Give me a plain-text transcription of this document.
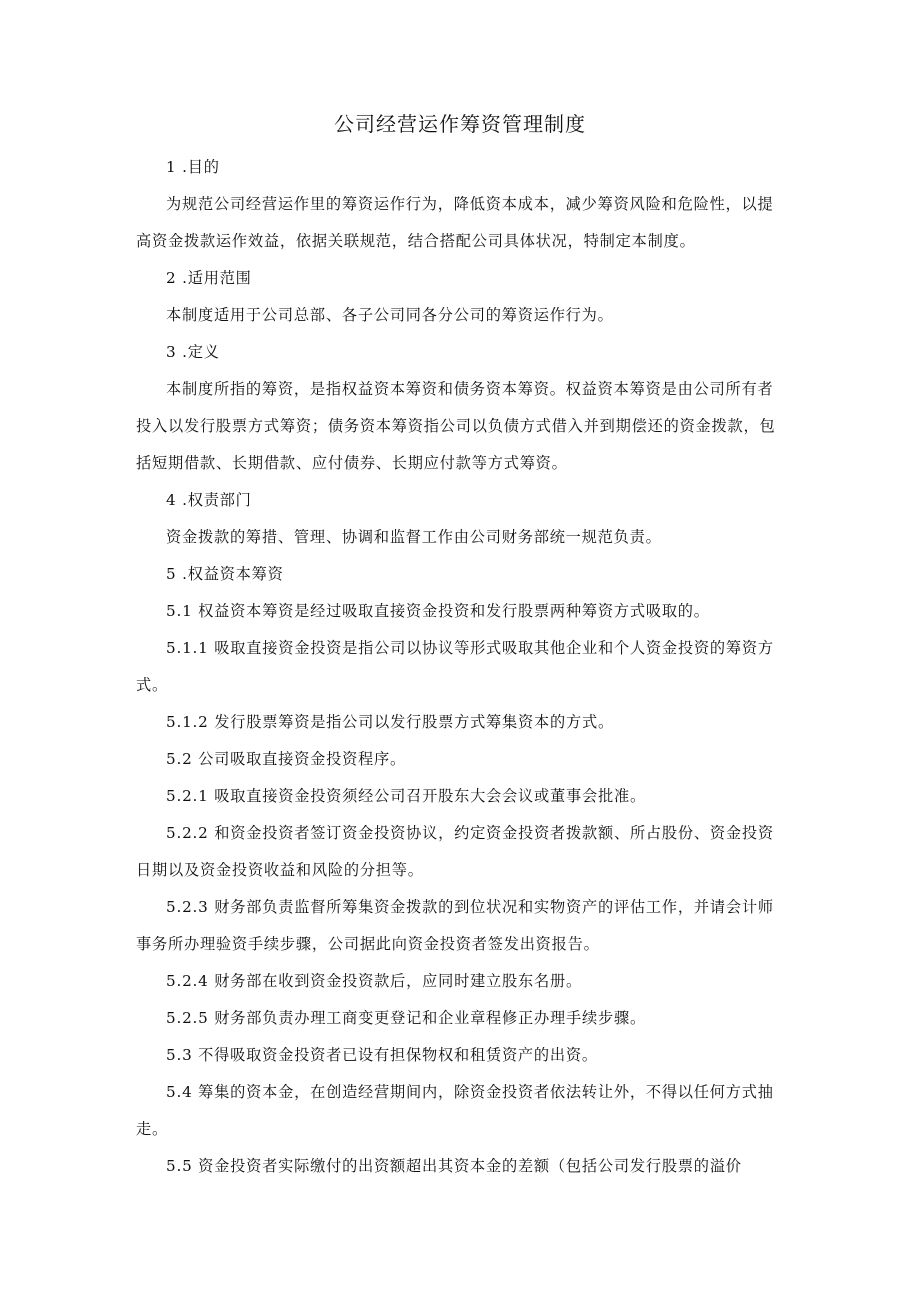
公司经营运作筹资管理制度

1 .目的

为规范公司经营运作里的筹资运作行为，降低资本成本，减少筹资风险和危险性，以提高资金拨款运作效益，依据关联规范，结合搭配公司具体状况，特制定本制度。

2 .适用范围

本制度适用于公司总部、各子公司同各分公司的筹资运作行为。

3 .定义

本制度所指的筹资，是指权益资本筹资和债务资本筹资。权益资本筹资是由公司所有者投入以发行股票方式筹资；债务资本筹资指公司以负债方式借入并到期偿还的资金拨款，包括短期借款、长期借款、应付债券、长期应付款等方式筹资。

4 .权责部门

资金拨款的筹措、管理、协调和监督工作由公司财务部统一规范负责。

5 .权益资本筹资

5.1 权益资本筹资是经过吸取直接资金投资和发行股票两种筹资方式吸取的。

5.1.1 吸取直接资金投资是指公司以协议等形式吸取其他企业和个人资金投资的筹资方式。

5.1.2 发行股票筹资是指公司以发行股票方式筹集资本的方式。

5.2 公司吸取直接资金投资程序。

5.2.1 吸取直接资金投资须经公司召开股东大会会议或董事会批准。

5.2.2 和资金投资者签订资金投资协议，约定资金投资者拨款额、所占股份、资金投资日期以及资金投资收益和风险的分担等。

5.2.3 财务部负责监督所筹集资金拨款的到位状况和实物资产的评估工作，并请会计师事务所办理验资手续步骤，公司据此向资金投资者签发出资报告。

5.2.4 财务部在收到资金投资款后，应同时建立股东名册。

5.2.5 财务部负责办理工商变更登记和企业章程修正办理手续步骤。

5.3 不得吸取资金投资者已设有担保物权和租赁资产的出资。

5.4 筹集的资本金，在创造经营期间内，除资金投资者依法转让外，不得以任何方式抽走。

5.5 资金投资者实际缴付的出资额超出其资本金的差额（包括公司发行股票的溢价
